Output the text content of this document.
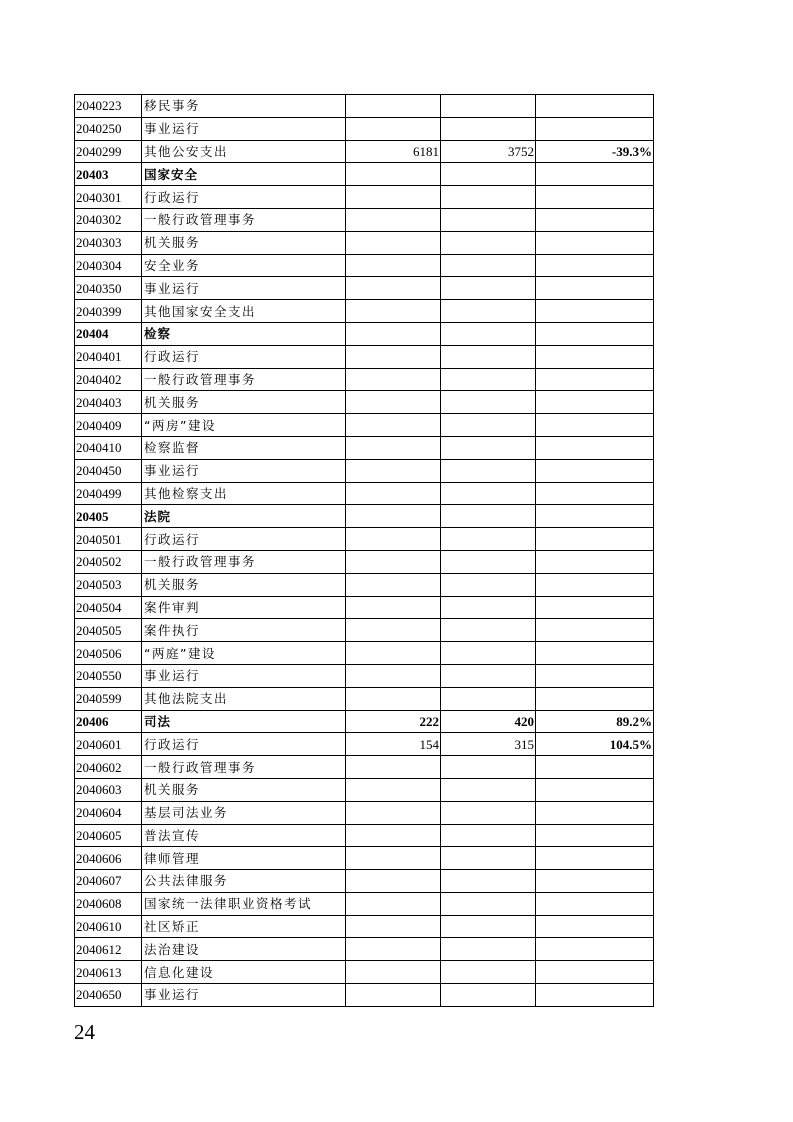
2040223	移民事务			
2040250	事业运行			
2040299	其他公安支出	6181	3752	-39.3%
20403	国家安全			
2040301	行政运行			
2040302	一般行政管理事务			
2040303	机关服务			
2040304	安全业务			
2040350	事业运行			
2040399	其他国家安全支出			
20404	检察			
2040401	行政运行			
2040402	一般行政管理事务			
2040403	机关服务			
2040409	“两房”建设			
2040410	检察监督			
2040450	事业运行			
2040499	其他检察支出			
20405	法院			
2040501	行政运行			
2040502	一般行政管理事务			
2040503	机关服务			
2040504	案件审判			
2040505	案件执行			
2040506	“两庭”建设			
2040550	事业运行			
2040599	其他法院支出			
20406	司法	222	420	89.2%
2040601	行政运行	154	315	104.5%
2040602	一般行政管理事务			
2040603	机关服务			
2040604	基层司法业务			
2040605	普法宣传			
2040606	律师管理			
2040607	公共法律服务			
2040608	国家统一法律职业资格考试			
2040610	社区矫正			
2040612	法治建设			
2040613	信息化建设			
2040650	事业运行			
24
